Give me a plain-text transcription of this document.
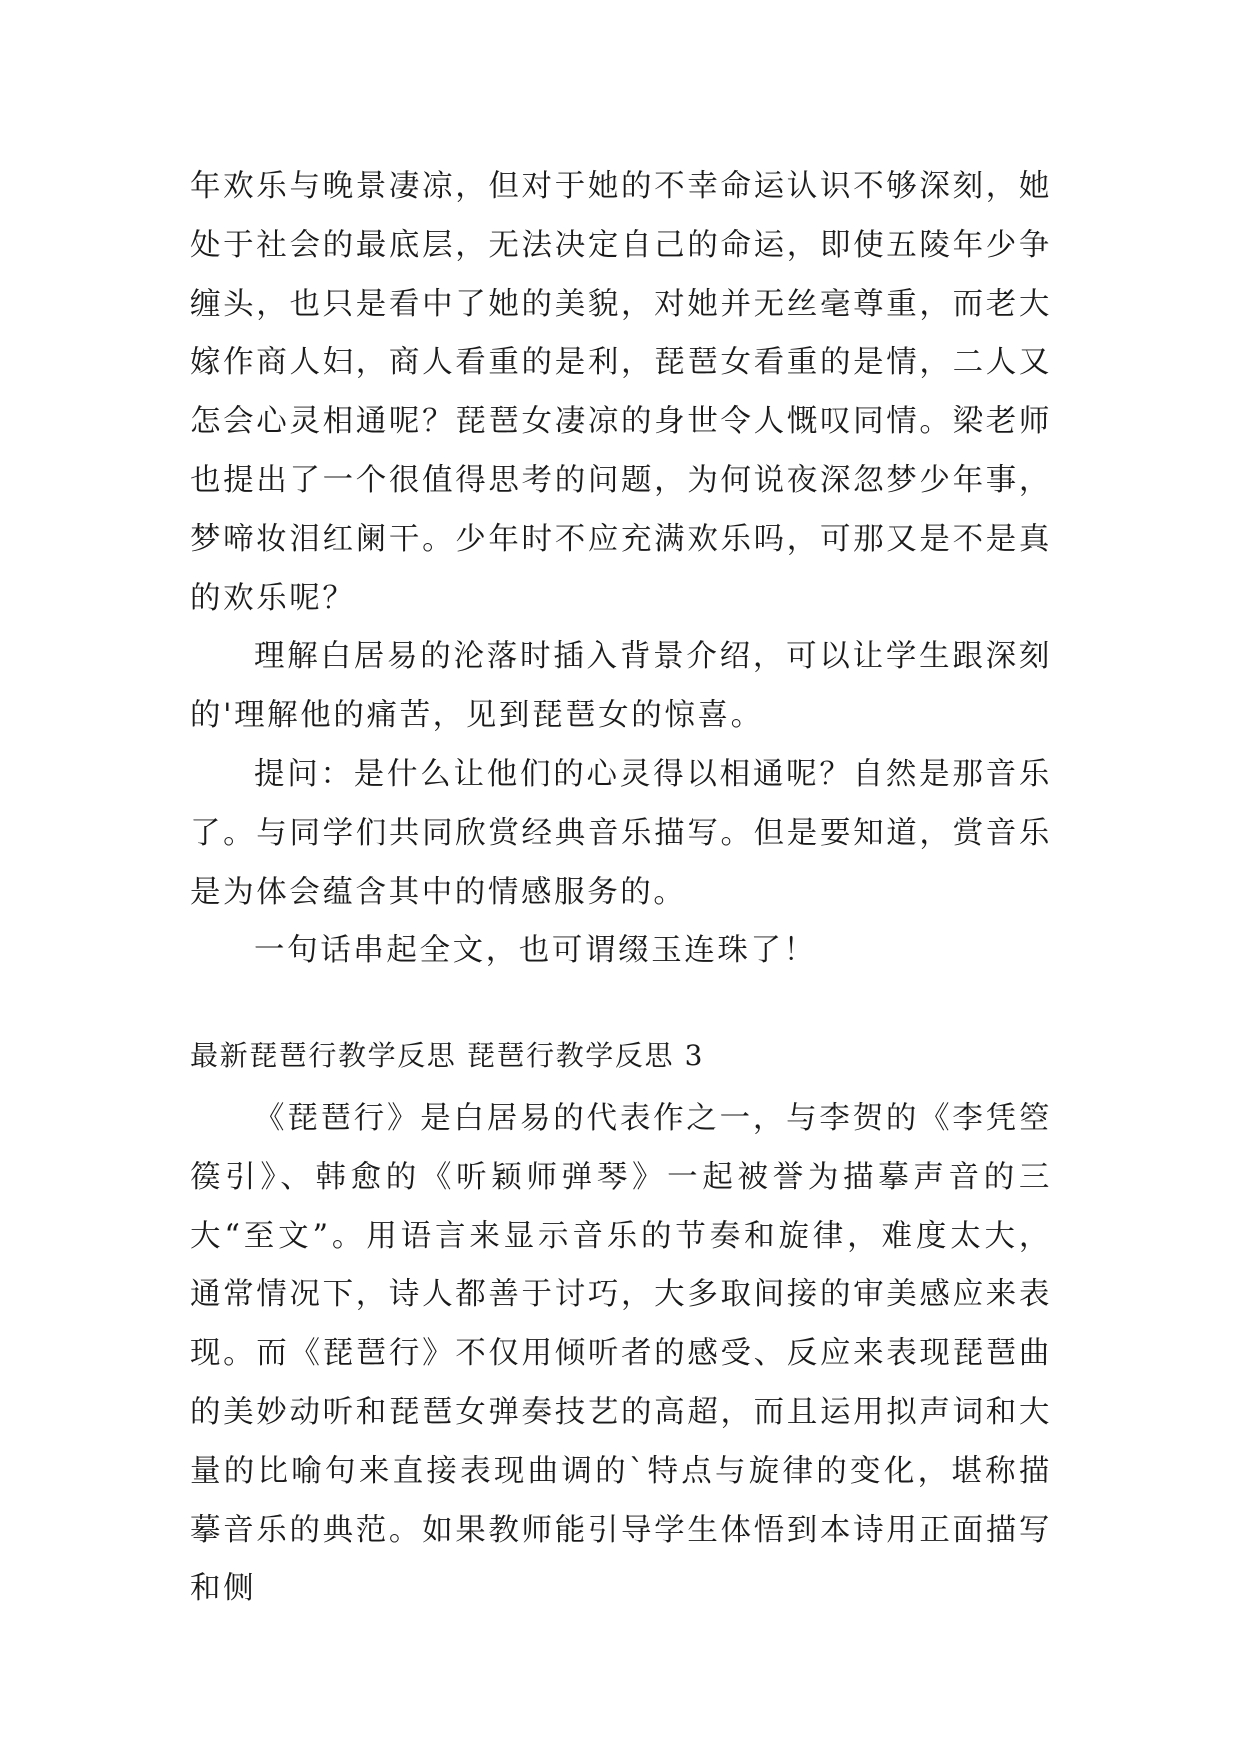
年欢乐与晚景凄凉，但对于她的不幸命运认识不够深刻，她处于社会的最底层，无法决定自己的命运，即使五陵年少争缠头，也只是看中了她的美貌，对她并无丝毫尊重，而老大嫁作商人妇，商人看重的是利，琵琶女看重的是情，二人又怎会心灵相通呢？琵琶女凄凉的身世令人慨叹同情。梁老师也提出了一个很值得思考的问题，为何说夜深忽梦少年事，梦啼妆泪红阑干。少年时不应充满欢乐吗，可那又是不是真的欢乐呢？

理解白居易的沦落时插入背景介绍，可以让学生跟深刻的'理解他的痛苦，见到琵琶女的惊喜。

提问：是什么让他们的心灵得以相通呢？自然是那音乐了。与同学们共同欣赏经典音乐描写。但是要知道，赏音乐是为体会蕴含其中的情感服务的。

一句话串起全文，也可谓缀玉连珠了！

最新琵琶行教学反思 琵琶行教学反思 3

《琵琶行》是白居易的代表作之一，与李贺的《李凭箜篌引》、韩愈的《听颖师弹琴》一起被誉为描摹声音的三大“至文”。用语言来显示音乐的节奏和旋律，难度太大，通常情况下，诗人都善于讨巧，大多取间接的审美感应来表现。而《琵琶行》不仅用倾听者的感受、反应来表现琵琶曲的美妙动听和琵琶女弹奏技艺的高超，而且运用拟声词和大量的比喻句来直接表现曲调的`特点与旋律的变化，堪称描摹音乐的典范。如果教师能引导学生体悟到本诗用正面描写和侧
